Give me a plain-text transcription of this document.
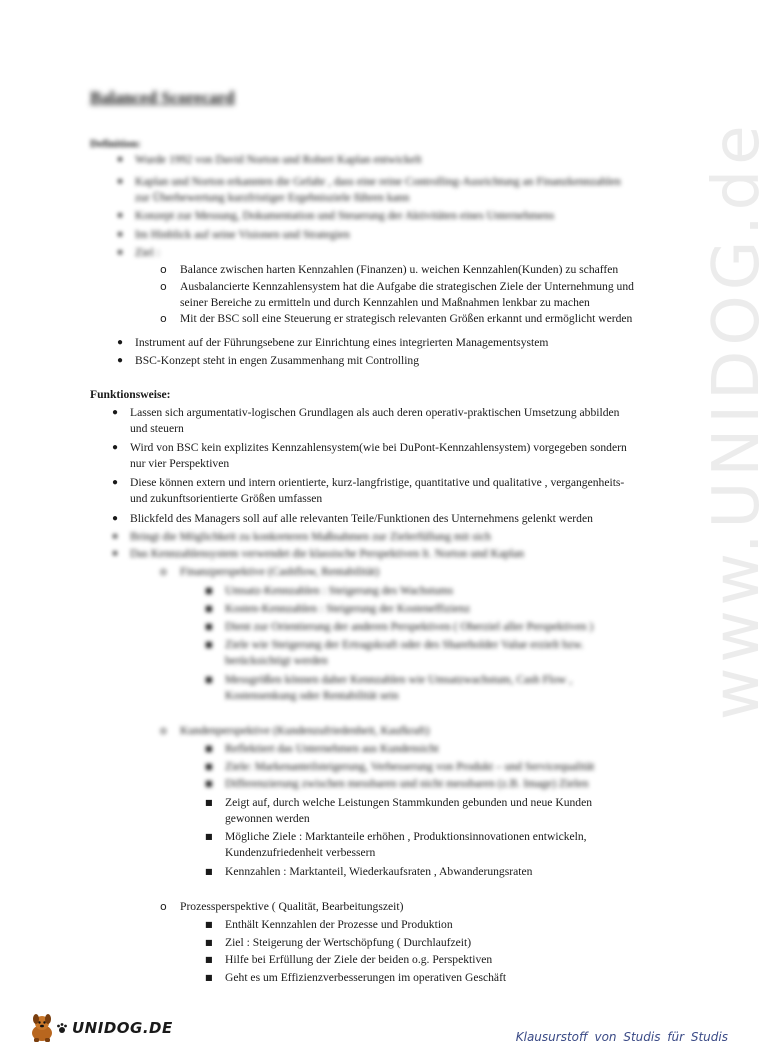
www.UNIDOG.de
Balanced Scorecard
Definition:
● Wurde 1992 von David Norton und Robert Kaplan entwickelt
● Kaplan und Norton erkannten die Gefahr , dass eine reine Controlling-Ausrichtung an Finanzkennzahlen
zur Überbewertung kurzfristiger Ergebnisziele führen kann
● Konzept zur Messung, Dokumentation und Steuerung der Aktivitäten eines Unternehmens
● Im Hinblick auf seine Visionen und Strategien
● Ziel :
o Balance zwischen harten Kennzahlen (Finanzen) u. weichen Kennzahlen(Kunden) zu schaffen
o Ausbalancierte Kennzahlensystem hat die Aufgabe die strategischen Ziele der Unternehmung und
seiner Bereiche zu ermitteln und durch Kennzahlen und Maßnahmen lenkbar zu machen
o Mit der BSC soll eine Steuerung er strategisch relevanten Größen erkannt und ermöglicht werden
● Instrument auf der Führungsebene zur Einrichtung eines integrierten Managementsystem
● BSC-Konzept steht in engen Zusammenhang mit Controlling
Funktionsweise:
● Lassen sich argumentativ-logischen Grundlagen als auch deren operativ-praktischen Umsetzung abbilden
und steuern
● Wird von BSC kein explizites Kennzahlensystem(wie bei DuPont-Kennzahlensystem) vorgegeben sondern
nur vier Perspektiven
● Diese können extern und intern orientierte, kurz-langfristige, quantitative und qualitative , vergangenheits-
und zukunftsorientierte Größen umfassen
● Blickfeld des Managers soll auf alle relevanten Teile/Funktionen des Unternehmens gelenkt werden
● Bringt die Möglichkeit zu konkreteren Maßnahmen zur Zielerfüllung mit sich
● Das Kennzahlensystem verwendet die klassische Perspektiven lt. Norton und Kaplan
o Finanzperspektive (Cashflow, Rentabilität)
■ Umsatz-Kennzahlen : Steigerung des Wachstums
■ Kosten-Kennzahlen : Steigerung der Kosteneffizienz
■ Dient zur Orientierung der anderen Perspektiven ( Oberziel aller Perspektiven )
■ Ziele wie Steigerung der Ertragskraft oder des Shareholder Value erzielt bzw.
berücksichtigt werden
■ Messgrößen können daher Kennzahlen wie Umsatzwachstum, Cash Flow ,
Kostensenkung oder Rentabilität sein
o Kundenperspektive (Kundenzufriedenheit, Kaufkraft)
■ Reflektiert das Unternehmen aus Kundensicht
■ Ziele: Markenanteilsteigerung, Verbesserung von Produkt – und Servicequalität
■ Differenzierung zwischen messbaren und nicht messbaren (z.B. Image) Zielen
■ Zeigt auf, durch welche Leistungen Stammkunden gebunden und neue Kunden
gewonnen werden
■ Mögliche Ziele : Marktanteile erhöhen , Produktionsinnovationen entwickeln,
Kundenzufriedenheit verbessern
■ Kennzahlen : Marktanteil, Wiederkaufsraten , Abwanderungsraten
o Prozessperspektive ( Qualität, Bearbeitungszeit)
■ Enthält Kennzahlen der Prozesse und Produktion
■ Ziel : Steigerung der Wertschöpfung ( Durchlaufzeit)
■ Hilfe bei Erfüllung der Ziele der beiden o.g. Perspektiven
■ Geht es um Effizienzverbesserungen im operativen Geschäft
UNIDOG.DE	Klausurstoff von Studis für Studis
